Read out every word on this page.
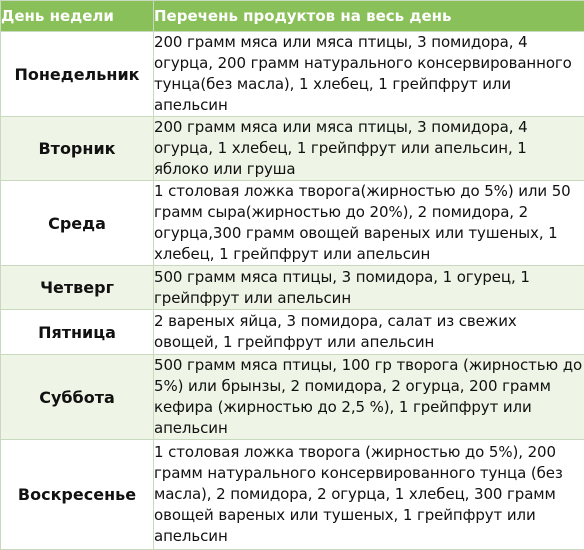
День недели	Перечень продуктов на весь день
Понедельник	200 грамм мяса или мяса птицы, 3 помидора, 4 огурца, 200 грамм натурального консервированного тунца(без масла), 1 хлебец, 1 грейпфрут или апельсин
Вторник	200 грамм мяса или мяса птицы, 3 помидора, 4 огурца, 1 хлебец, 1 грейпфрут или апельсин, 1 яблоко или груша
Среда	1 столовая ложка творога(жирностью до 5%) или 50 грамм сыра(жирностью до 20%), 2 помидора, 2 огурца,300 грамм овощей вареных или тушеных, 1 хлебец, 1 грейпфрут или апельсин
Четверг	500 грамм мяса птицы, 3 помидора, 1 огурец, 1 грейпфрут или апельсин
Пятница	2 вареных яйца, 3 помидора, салат из свежих овощей, 1 грейпфрут или апельсин
Суббота	500 грамм мяса птицы, 100 гр творога (жирностью до 5%) или брынзы, 2 помидора, 2 огурца, 200 грамм кефира (жирностью до 2,5 %), 1 грейпфрут или апельсин
Воскресенье	1 столовая ложка творога (жирностью до 5%), 200 грамм натурального консервированного тунца (без масла), 2 помидора, 2 огурца, 1 хлебец, 300 грамм овощей вареных или тушеных, 1 грейпфрут или апельсин
